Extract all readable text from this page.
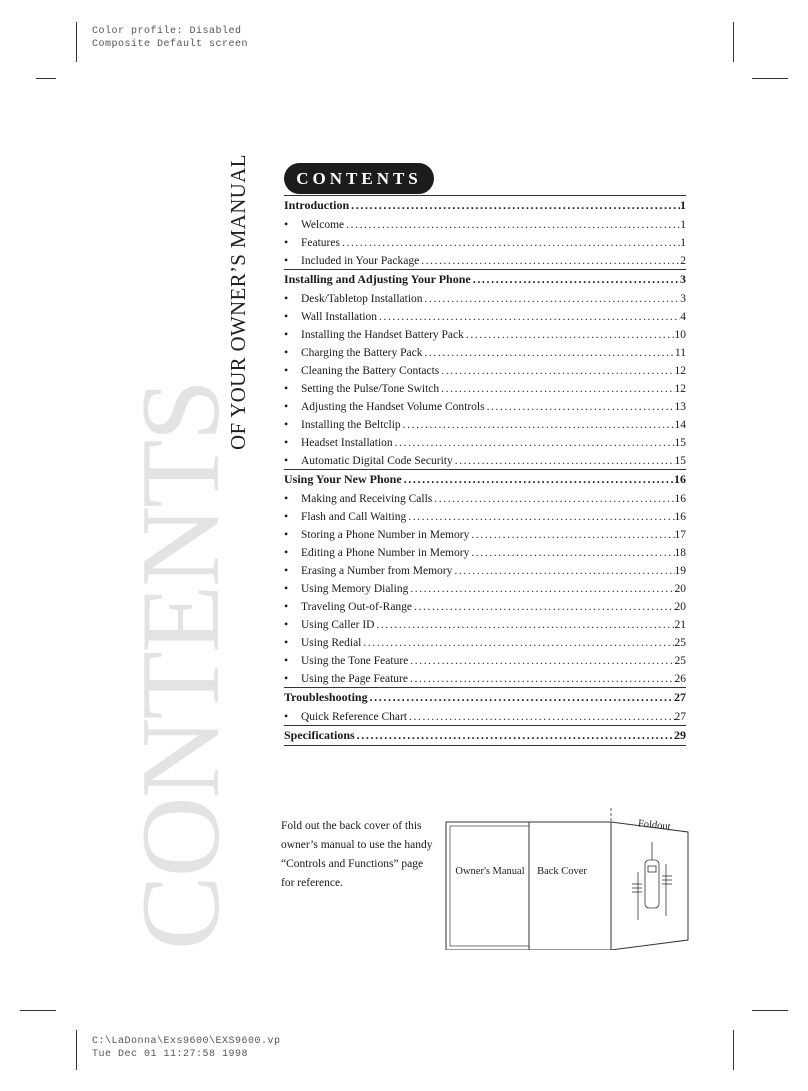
Color profile: Disabled
Composite Default screen
CONTENTS
OF YOUR OWNER’S MANUAL	CONTENTS
Introduction .....	1
•	Welcome .....	1
•	Features .....	1
•	Included in Your Package .....	2
Installing and Adjusting Your Phone .....	3
•	Desk/Tabletop Installation .....	3
•	Wall Installation .....	4
•	Installing the Handset Battery Pack .....	10
•	Charging the Battery Pack .....	11
•	Cleaning the Battery Contacts .....	12
•	Setting the Pulse/Tone Switch .....	12
•	Adjusting the Handset Volume Controls .....	13
•	Installing the Beltclip .....	14
•	Headset Installation .....	15
•	Automatic Digital Code Security .....	15
Using Your New Phone .....	16
•	Making and Receiving Calls .....	16
•	Flash and Call Waiting .....	16
•	Storing a Phone Number in Memory .....	17
•	Editing a Phone Number in Memory .....	18
•	Erasing a Number from Memory .....	19
•	Using Memory Dialing .....	20
•	Traveling Out-of-Range .....	20
•	Using Caller ID .....	21
•	Using Redial .....	25
•	Using the Tone Feature .....	25
•	Using the Page Feature .....	26
Troubleshooting .....	27
•	Quick Reference Chart .....	27
Specifications .....	29
Fold out the back cover of this
owner’s manual to use the handy
“Controls and Functions” page
for reference.
Owner's Manual Back Cover
Foldout
C:\LaDonna\Exs9600\EXS9600.vp
Tue Dec 01 11:27:58 1998
